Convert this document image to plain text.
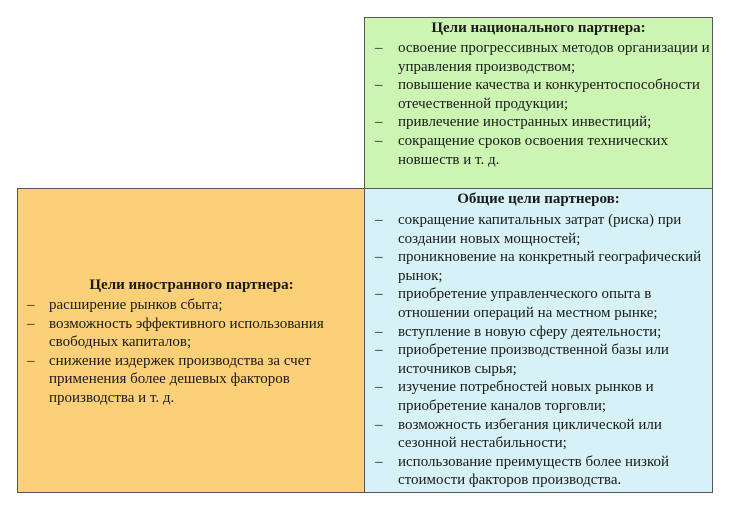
Цели национального партнера:
– освоение прогрессивных методов организации и управления производством;
– повышение качества и конкурентоспособности отечественной продукции;
– привлечение иностранных инвестиций;
– сокращение сроков освоения технических новшеств и т. д.
Цели иностранного партнера:
– расширение рынков сбыта;
– возможность эффективного использования свободных капиталов;
– снижение издержек производства за счет применения более дешевых факторов производства и т. д.
Общие цели партнеров:
– сокращение капитальных затрат (риска) при создании новых мощностей;
– проникновение на конкретный географический рынок;
– приобретение управленческого опыта в отношении операций на местном рынке;
– вступление в новую сферу деятельности;
– приобретение производственной базы или источников сырья;
– изучение потребностей новых рынков и приобретение каналов торговли;
– возможность избегания циклической или сезонной нестабильности;
– использование преимуществ более низкой стоимости факторов производства.
